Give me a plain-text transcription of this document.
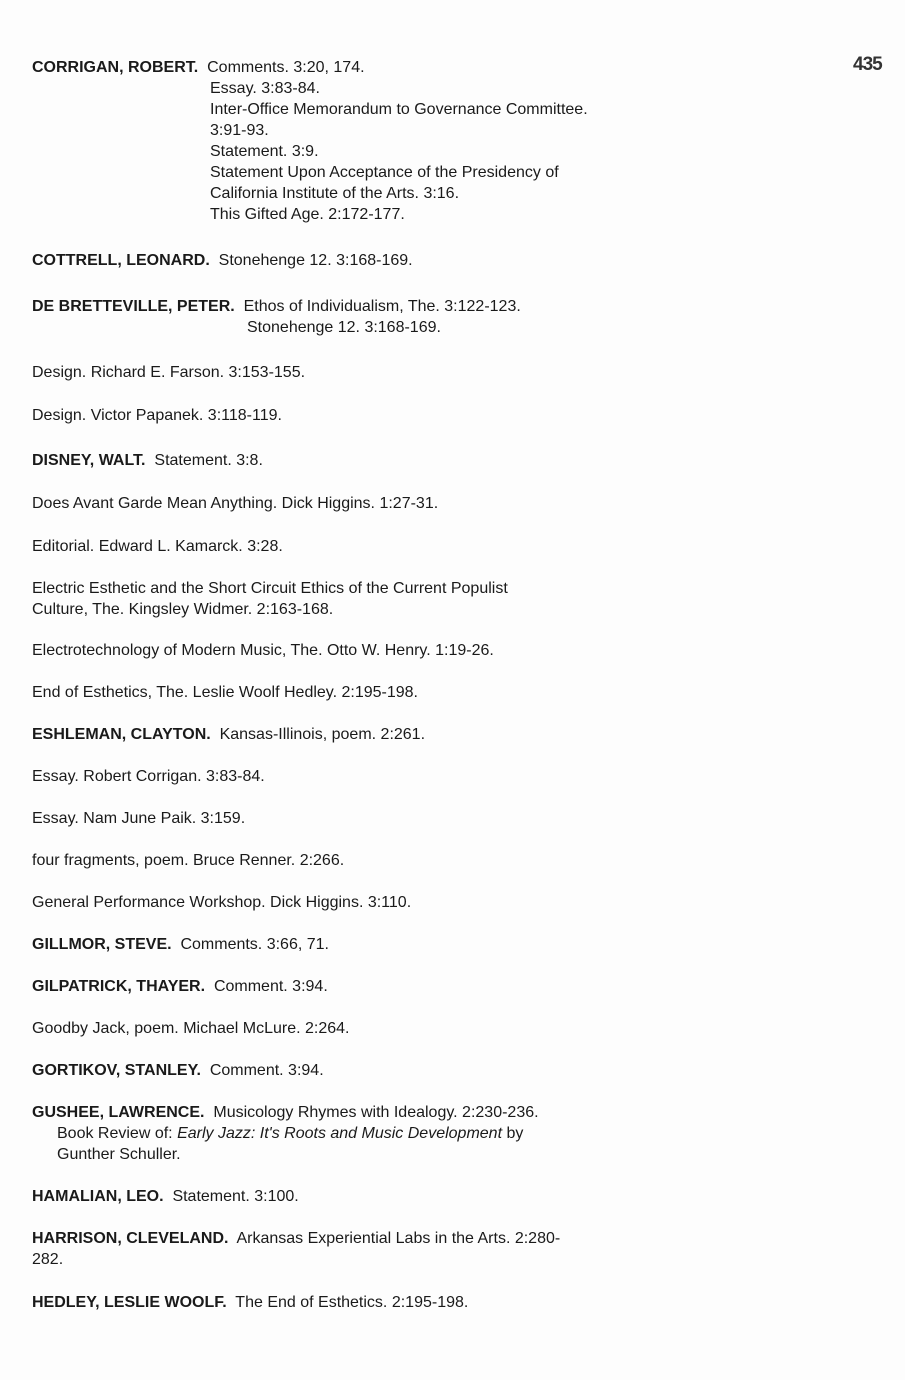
435
CORRIGAN, ROBERT. Comments. 3:20, 174.
Essay. 3:83-84.
Inter-Office Memorandum to Governance Committee.
3:91-93.
Statement. 3:9.
Statement Upon Acceptance of the Presidency of
California Institute of the Arts. 3:16.
This Gifted Age. 2:172-177.
COTTRELL, LEONARD. Stonehenge 12. 3:168-169.
DE BRETTEVILLE, PETER. Ethos of Individualism, The. 3:122-123.
Stonehenge 12. 3:168-169.
Design. Richard E. Farson. 3:153-155.
Design. Victor Papanek. 3:118-119.
DISNEY, WALT. Statement. 3:8.
Does Avant Garde Mean Anything. Dick Higgins. 1:27-31.
Editorial. Edward L. Kamarck. 3:28.
Electric Esthetic and the Short Circuit Ethics of the Current Populist
Culture, The. Kingsley Widmer. 2:163-168.
Electrotechnology of Modern Music, The. Otto W. Henry. 1:19-26.
End of Esthetics, The. Leslie Woolf Hedley. 2:195-198.
ESHLEMAN, CLAYTON. Kansas-Illinois, poem. 2:261.
Essay. Robert Corrigan. 3:83-84.
Essay. Nam June Paik. 3:159.
four fragments, poem. Bruce Renner. 2:266.
General Performance Workshop. Dick Higgins. 3:110.
GILLMOR, STEVE. Comments. 3:66, 71.
GILPATRICK, THAYER. Comment. 3:94.
Goodby Jack, poem. Michael McLure. 2:264.
GORTIKOV, STANLEY. Comment. 3:94.
GUSHEE, LAWRENCE. Musicology Rhymes with Idealogy. 2:230-236.
Book Review of: Early Jazz: It's Roots and Music Development by
Gunther Schuller.
HAMALIAN, LEO. Statement. 3:100.
HARRISON, CLEVELAND. Arkansas Experiential Labs in the Arts. 2:280-
282.
HEDLEY, LESLIE WOOLF. The End of Esthetics. 2:195-198.
